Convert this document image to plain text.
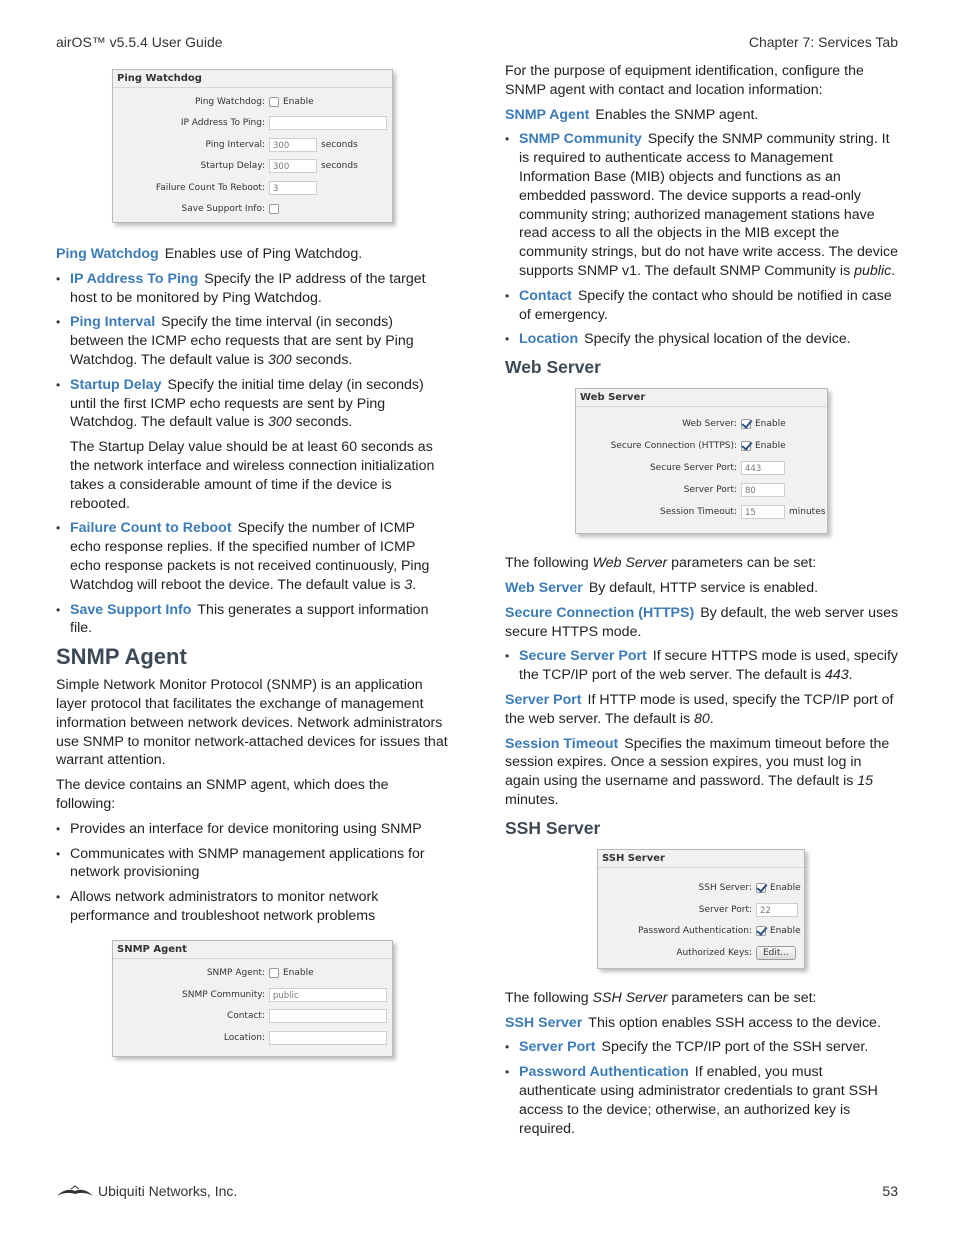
airOS™ v5.5.4 User Guide	Chapter 7: Services Tab
Ping Watchdog
Ping Watchdog:	Enable
IP Address To Ping:
Ping Interval: 300	seconds
Startup Delay: 300	seconds
Failure Count To Reboot: 3
Save Support Info:

Ping Watchdog Enables use of Ping Watchdog.

• IP Address To Ping Specify the IP address of the target host to be monitored by Ping Watchdog.
• Ping Interval Specify the time interval (in seconds) between the ICMP echo requests that are sent by Ping Watchdog. The default value is 300 seconds.
• Startup Delay Specify the initial time delay (in seconds) until the first ICMP echo requests are sent by Ping Watchdog. The default value is 300 seconds.
The Startup Delay value should be at least 60 seconds as the network interface and wireless connection initialization takes a considerable amount of time if the device is rebooted.
• Failure Count to Reboot Specify the number of ICMP echo response replies. If the specified number of ICMP echo response packets is not received continuously, Ping Watchdog will reboot the device. The default value is 3.
• Save Support Info This generates a support information file.
SNMP Agent

Simple Network Monitor Protocol (SNMP) is an application layer protocol that facilitates the exchange of management information between network devices. Network administrators use SNMP to monitor network-attached devices for issues that warrant attention.

The device contains an SNMP agent, which does the following:

• Provides an interface for device monitoring using SNMP
• Communicates with SNMP management applications for network provisioning
• Allows network administrators to monitor network performance and troubleshoot network problems
SNMP Agent
SNMP Agent:	Enable
SNMP Community: public
Contact:
Location:

For the purpose of equipment identification, configure the SNMP agent with contact and location information:

SNMP Agent Enables the SNMP agent.

• SNMP Community Specify the SNMP community string. It is required to authenticate access to Management Information Base (MIB) objects and functions as an embedded password. The device supports a read-only community string; authorized management stations have read access to all the objects in the MIB except the community strings, but do not have write access. The device supports SNMP v1. The default SNMP Community is public.
• Contact Specify the contact who should be notified in case of emergency.
• Location Specify the physical location of the device.
Web Server
Web Server
Web Server:	Enable
Secure Connection (HTTPS):	Enable
Secure Server Port: 443
Server Port: 80
Session Timeout: 15	minutes

The following Web Server parameters can be set:

Web Server By default, HTTP service is enabled.

Secure Connection (HTTPS) By default, the web server uses secure HTTPS mode.

• Secure Server Port If secure HTTPS mode is used, specify the TCP/IP port of the web server. The default is 443.

Server Port If HTTP mode is used, specify the TCP/IP port of the web server. The default is 80.

Session Timeout Specifies the maximum timeout before the session expires. Once a session expires, you must log in again using the username and password. The default is 15 minutes.

SSH Server
SSH Server
SSH Server:	Enable
Server Port: 22
Password Authentication:	Enable
Authorized Keys:	Edit...

The following SSH Server parameters can be set:

SSH Server This option enables SSH access to the device.

• Server Port Specify the TCP/IP port of the SSH server.
• Password Authentication If enabled, you must authenticate using administrator credentials to grant SSH access to the device; otherwise, an authorized key is required.
Ubiquiti Networks, Inc.	53
